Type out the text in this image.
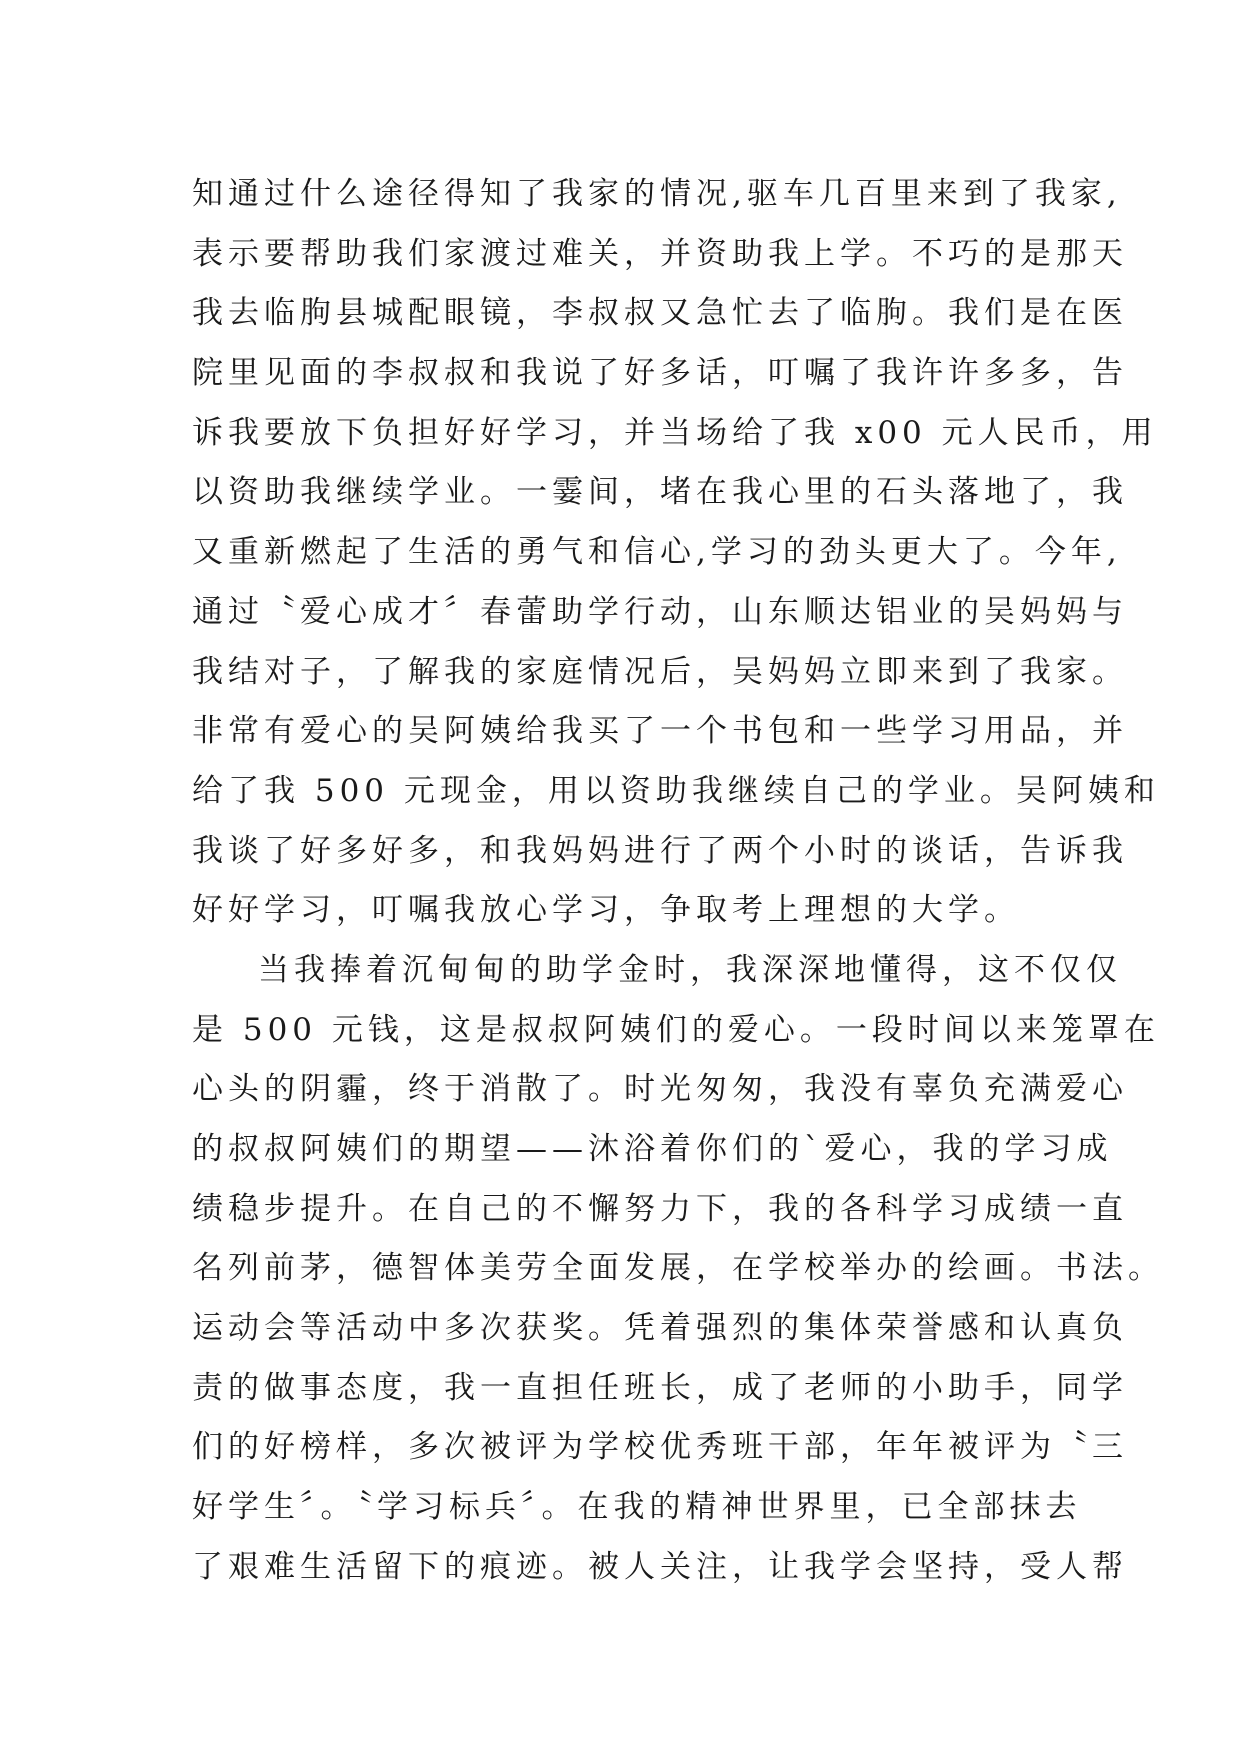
知通过什么途径得知了我家的情况,驱车几百里来到了我家,
表示要帮助我们家渡过难关，并资助我上学。不巧的是那天
我去临朐县城配眼镜，李叔叔又急忙去了临朐。我们是在医
院里见面的李叔叔和我说了好多话，叮嘱了我许许多多，告
诉我要放下负担好好学习，并当场给了我 x00 元人民币，用
以资助我继续学业。一霎间，堵在我心里的石头落地了，我
又重新燃起了生活的勇气和信心,学习的劲头更大了。今年,
通过〝爱心成才〞春蕾助学行动，山东顺达铝业的吴妈妈与
我结对子，了解我的家庭情况后，吴妈妈立即来到了我家。
非常有爱心的吴阿姨给我买了一个书包和一些学习用品，并
给了我 500 元现金，用以资助我继续自己的学业。吴阿姨和
我谈了好多好多，和我妈妈进行了两个小时的谈话，告诉我
好好学习，叮嘱我放心学习，争取考上理想的大学。
当我捧着沉甸甸的助学金时，我深深地懂得，这不仅仅
是 500 元钱，这是叔叔阿姨们的爱心。一段时间以来笼罩在
心头的阴霾，终于消散了。时光匆匆，我没有辜负充满爱心
的叔叔阿姨们的期望——沐浴着你们的`爱心，我的学习成
绩稳步提升。在自己的不懈努力下，我的各科学习成绩一直
名列前茅，德智体美劳全面发展，在学校举办的绘画。书法。
运动会等活动中多次获奖。凭着强烈的集体荣誉感和认真负
责的做事态度，我一直担任班长，成了老师的小助手，同学
们的好榜样，多次被评为学校优秀班干部，年年被评为〝三
好学生〞。〝学习标兵〞。在我的精神世界里，已全部抹去
了艰难生活留下的痕迹。被人关注，让我学会坚持，受人帮
